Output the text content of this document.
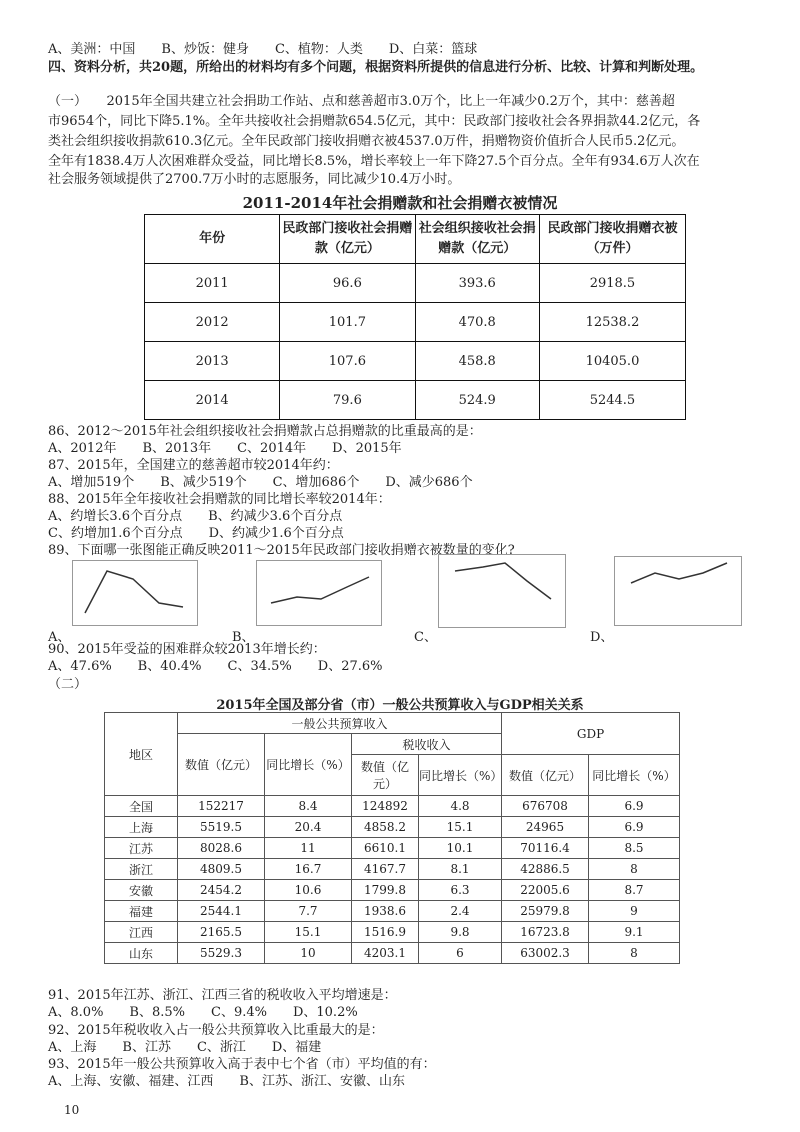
A、美洲：中国　　B、炒饭：健身　　C、植物：人类　　D、白菜：篮球
四、资料分析，共20题，所给出的材料均有多个问题，根据资料所提供的信息进行分析、比较、计算和判断处理。
（一）　　2015年全国共建立社会捐助工作站、点和慈善超市3.0万个，比上一年减少0.2万个，其中：慈善超
市9654个，同比下降5.1%。全年共接收社会捐赠款654.5亿元，其中：民政部门接收社会各界捐款44.2亿元，各
类社会组织接收捐款610.3亿元。全年民政部门接收捐赠衣被4537.0万件，捐赠物资价值折合人民币5.2亿元。
全年有1838.4万人次困难群众受益，同比增长8.5%，增长率较上一年下降27.5个百分点。全年有934.6万人次在
社会服务领域提供了2700.7万小时的志愿服务，同比减少10.4万小时。
2011-2014年社会捐赠款和社会捐赠衣被情况
年份	民政部门接收社会捐赠款（亿元）	社会组织接收社会捐赠款（亿元）	民政部门接收捐赠衣被（万件）
2011	96.6	393.6	2918.5
2012	101.7	470.8	12538.2
2013	107.6	458.8	10405.0
2014	79.6	524.9	5244.5
86、2012～2015年社会组织接收社会捐赠款占总捐赠款的比重最高的是：
A、2012年　　B、2013年　　C、2014年　　D、2015年
87、2015年，全国建立的慈善超市较2014年约：
A、增加519个　　B、减少519个　　C、增加686个　　D、减少686个
88、2015年全年接收社会捐赠款的同比增长率较2014年：
A、约增长3.6个百分点　　B、约减少3.6个百分点
C、约增加1.6个百分点　　D、约减少1.6个百分点
89、下面哪一张图能正确反映2011～2015年民政部门接收捐赠衣被数量的变化?
A、	B、	C、	D、
90、2015年受益的困难群众较2013年增长约：
A、47.6%　　B、40.4%　　C、34.5%　　D、27.6%
（二）
2015年全国及部分省（市）一般公共预算收入与GDP相关关系
地区	一般公共预算收入				GDP	
	数值（亿元）	同比增长（%）	税收收入			
			数值（亿元）	同比增长（%）	数值（亿元）	同比增长（%）
全国	152217	8.4	124892	4.8	676708	6.9
上海	5519.5	20.4	4858.2	15.1	24965	6.9
江苏	8028.6	11	6610.1	10.1	70116.4	8.5
浙江	4809.5	16.7	4167.7	8.1	42886.5	8
安徽	2454.2	10.6	1799.8	6.3	22005.6	8.7
福建	2544.1	7.7	1938.6	2.4	25979.8	9
江西	2165.5	15.1	1516.9	9.8	16723.8	9.1
山东	5529.3	10	4203.1	6	63002.3	8
91、2015年江苏、浙江、江西三省的税收收入平均增速是：
A、8.0%　　B、8.5%　　C、9.4%　　D、10.2%
92、2015年税收收入占一般公共预算收入比重最大的是：
A、上海　　B、江苏　　C、浙江　　D、福建
93、2015年一般公共预算收入高于表中七个省（市）平均值的有：
A、上海、安徽、福建、江西　　B、江苏、浙江、安徽、山东
10
